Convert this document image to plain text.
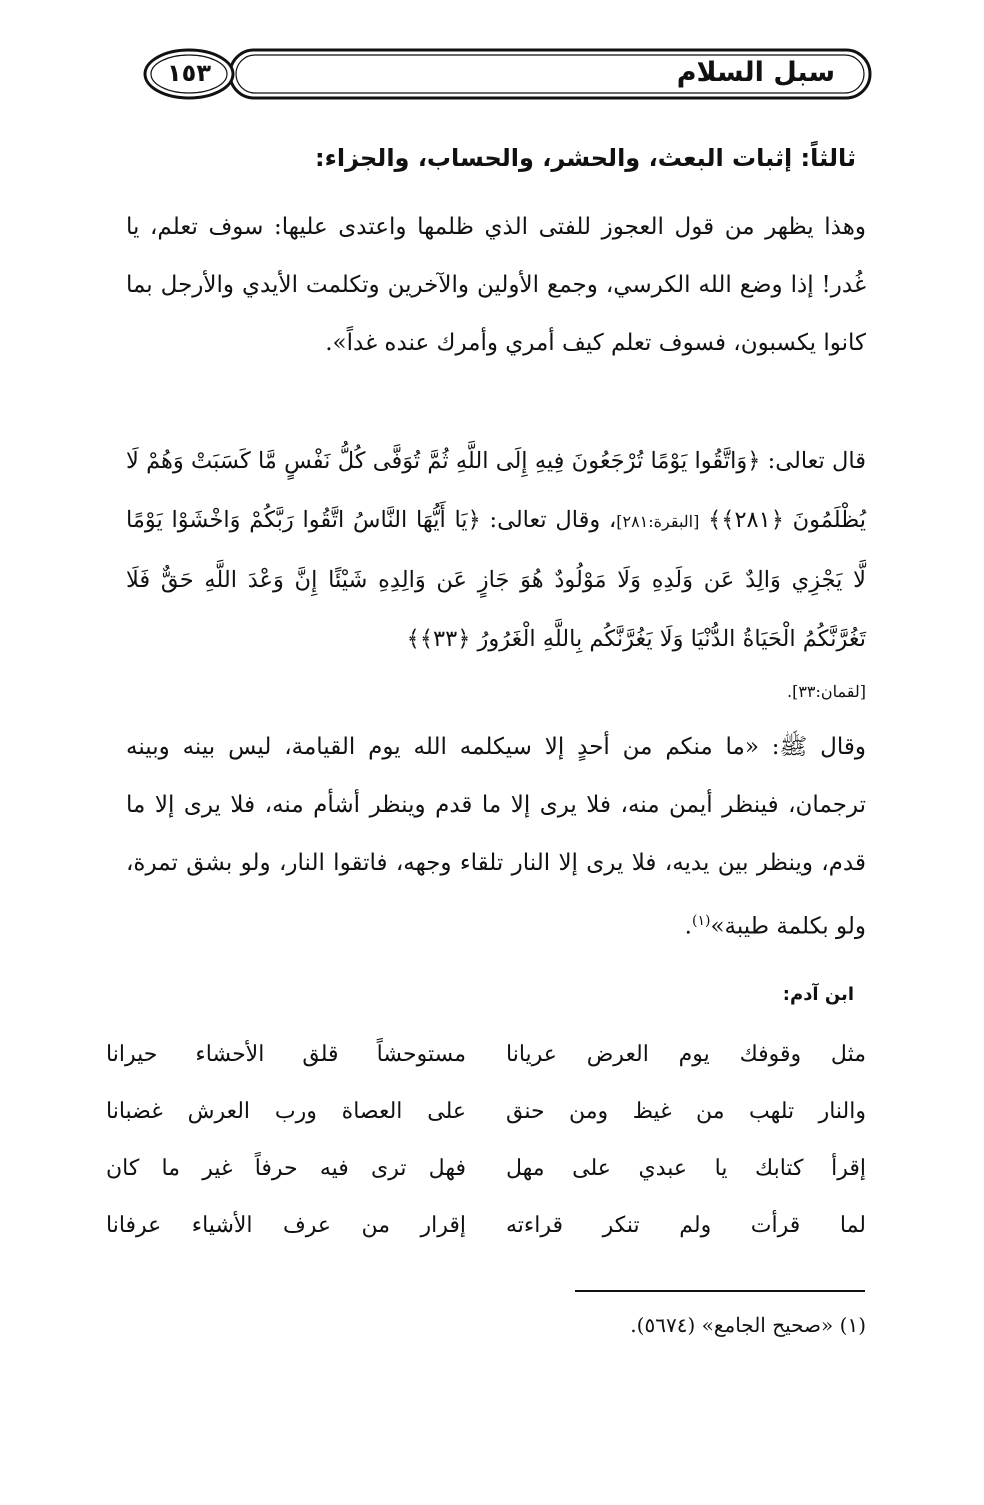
سبل السلام
١٥٣
ثالثاً: إثبات البعث، والحشر، والحساب، والجزاء:
وهذا يظهر من قول العجوز للفتى الذي ظلمها واعتدى عليها: سوف تعلم، يا غُدر! إذا وضع الله الكرسي، وجمع الأولين والآخرين وتكلمت الأيدي والأرجل بما كانوا يكسبون، فسوف تعلم كيف أمري وأمرك عنده غداً».
قال تعالى: ﴿وَاتَّقُوا يَوْمًا تُرْجَعُونَ فِيهِ إِلَى اللَّهِ ثُمَّ تُوَفَّى كُلُّ نَفْسٍ مَّا كَسَبَتْ وَهُمْ لَا يُظْلَمُونَ ﴿٢٨١﴾﴾ [البقرة:٢٨١]، وقال تعالى: ﴿يَا أَيُّهَا النَّاسُ اتَّقُوا رَبَّكُمْ وَاخْشَوْا يَوْمًا لَّا يَجْزِي وَالِدٌ عَن وَلَدِهِ وَلَا مَوْلُودٌ هُوَ جَازٍ عَن وَالِدِهِ شَيْئًا إِنَّ وَعْدَ اللَّهِ حَقٌّ فَلَا تَغُرَّنَّكُمُ الْحَيَاةُ الدُّنْيَا وَلَا يَغُرَّنَّكُم بِاللَّهِ الْغَرُورُ ﴿٣٣﴾﴾
[لقمان:٣٣].
وقال ﷺ: «ما منكم من أحدٍ إلا سيكلمه الله يوم القيامة، ليس بينه وبينه ترجمان، فينظر أيمن منه، فلا يرى إلا ما قدم وينظر أشأم منه، فلا يرى إلا ما قدم، وينظر بين يديه، فلا يرى إلا النار تلقاء وجهه، فاتقوا النار، ولو بشق تمرة، ولو بكلمة طيبة»$^{(١)}$.
ابن آدم:
مثل وقوفك يوم العرض عريانا
مستوحشاً قلق الأحشاء حيرانا
والنار تلهب من غيظ ومن حنق
على العصاة ورب العرش غضبانا
إقرأ كتابك يا عبدي على مهل
فهل ترى فيه حرفاً غير ما كان
لما قرأت ولم تنكر قراءته
إقرار من عرف الأشياء عرفانا
(١) «صحيح الجامع» (٥٦٧٤).
